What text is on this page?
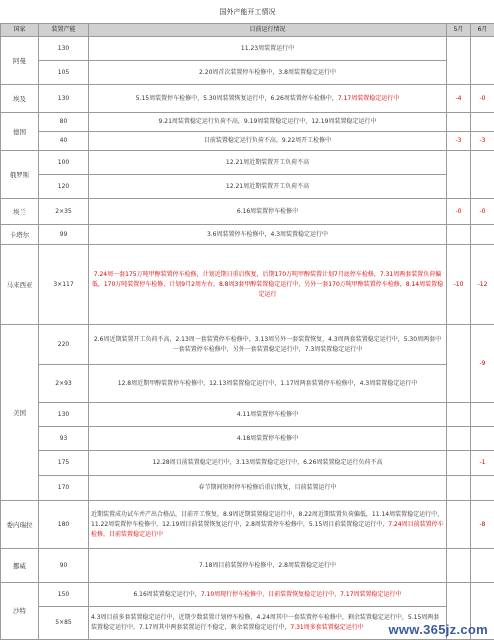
国外产能开工情况				
国家	装置产能	目前运行情况	5月	6月
阿曼	130	11.23周装置运行中		
	105	2.20周首次装置停车检修中，3.8周装置稳定运行中		
埃及	130	5.15周装置停车检修中，5.30周装置恢复运行中，6.26周装置停车检修中，7.17周装置稳定运行中	-4	-0
德国	80	9.21周装置稳定运行负荷不高，9.19周装置稳定运行中，12.19周装置稳定运行中		
	40	目前装置稳定运行负荷不高，9.22周开工检修中	-3	-3
俄罗斯	100	12.21周近期装置开工负荷不高		
	120	12.21周近期装置开工负荷不高		
埃兰	2×35	6.16周装置停车检修中	-0	-0
卡塔尔	99	3.6周装置停车检修中，4.3周装置稳定运行中		
马来西亚	3×117	7.24周一套175万吨甲醇装置停车检修，计划近期日重启恢复，后期170万吨甲醇装置计划7月底停车检修，7.31周两套装置负荷偏低，170万吨装置停车检修，计划9月2周左右，8.8周3套甲醇装置稳定运行中，另外一套170万吨甲醇装置停车检修，8.14周装置稳定运行	-10	-12
美国	220	2.6周近期装置开工负荷不高，2.13周一套装置停车检修中，3.13周另外一套装置恢复，4.3周两套装置稳定运行中，5.30周两套中一套装置停车检修中，另外一套装置稳定运行中，7.3周装置稳定运行中		-9
	2×93	12.8周近期甲醇装置停车检修中，12.13周装置稳定运行中，1.17周两套装置停车检修中，4.3周装置稳定运行中		
	130	4.11周装置停车检修中		
	93	4.18周装置停车检修中		
	175	12.28周目前装置稳定运行中，3.13周装置稳定运行中，6.26周装置稳定运行负荷不高		-1
	170	春节期间短时停车检修后重启恢复，目前装置运行中		
委内瑞拉	180	近期装置成功试车并产出合格品，目前开工恢复，8.9周近期装置稳定运行中，8.22周近期装置负荷偏低，11.14周装置稳定运行中，11.22周装置停车检修中，12.19周目前装置恢复运行中，2.8周装置停车检修中，5.15周目前装置稳定运行中，7.24周目前装置停车检修，目前装置稳定运行中		-8
挪威	90	7.18周目前装置停车检修中，2.8周装置稳定运行中		
沙特	150	6.16周装置稳定运行中，7.10周现行停车检修中，目前装置恢复稳定运行中，7.17周装置稳定运行中		
	5×85	4.3周目前多套装置稳定运行中，近期少数装置计划停车检修，4.24周其中一套装置停车检修中，剩余装置稳定运行中，5.15周两套装置稳定运行中，7.17周其中两套装置运行不稳定，剩余装置稳定运行中，7.31周多套装置稳定运行中		www.365jz.com
